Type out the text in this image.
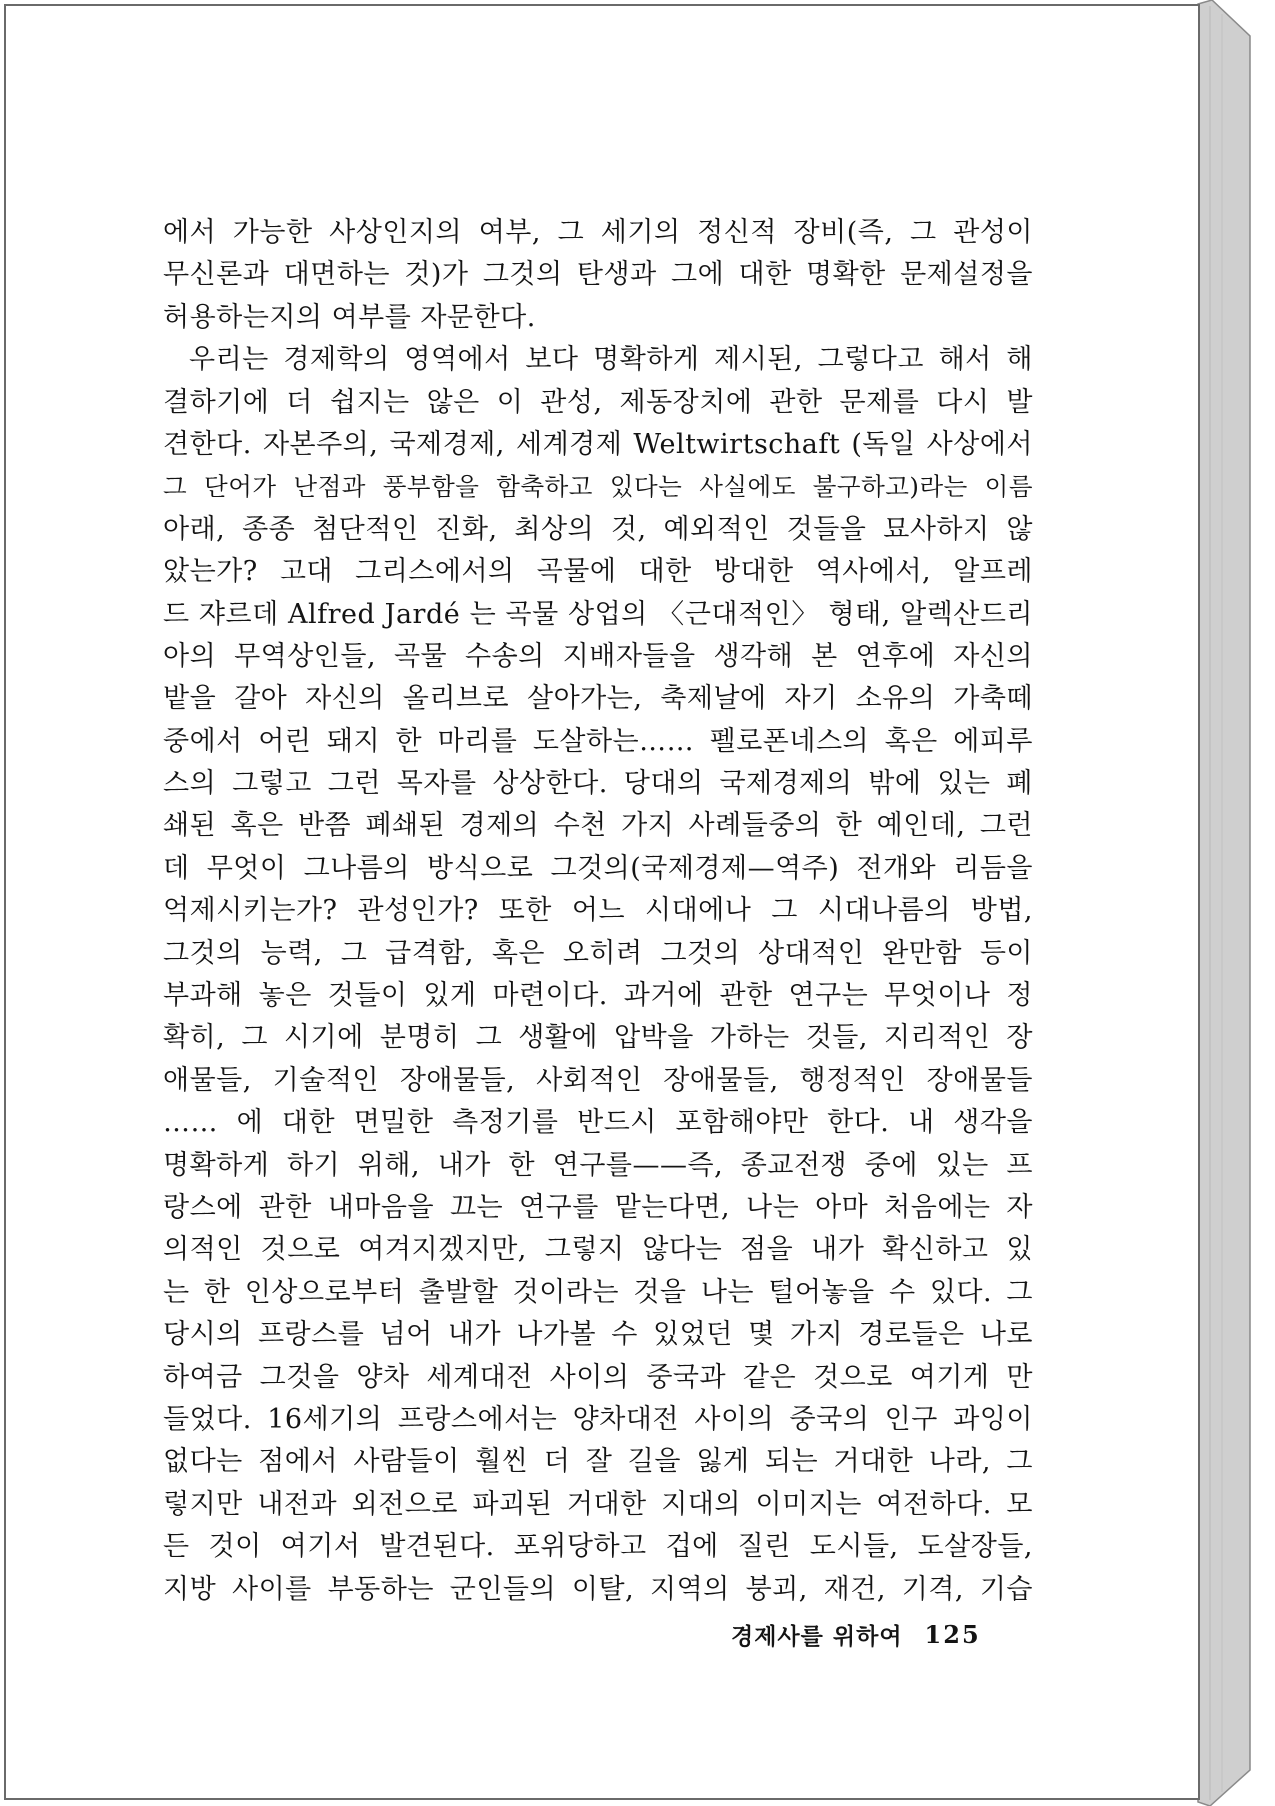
에서 가능한 사상인지의 여부, 그 세기의 정신적 장비(즉, 그 관성이
무신론과 대면하는 것)가 그것의 탄생과 그에 대한 명확한 문제설정을
허용하는지의 여부를 자문한다.
우리는 경제학의 영역에서 보다 명확하게 제시된, 그렇다고 해서 해
결하기에 더 쉽지는 않은 이 관성, 제동장치에 관한 문제를 다시 발
견한다. 자본주의, 국제경제, 세계경제 Weltwirtschaft (독일 사상에서
그 단어가 난점과 풍부함을 함축하고 있다는 사실에도 불구하고)라는 이름
아래, 종종 첨단적인 진화, 최상의 것, 예외적인 것들을 묘사하지 않
았는가? 고대 그리스에서의 곡물에 대한 방대한 역사에서, 알프레
드 쟈르데 Alfred Jardé 는 곡물 상업의 〈근대적인〉 형태, 알렉산드리
아의 무역상인들, 곡물 수송의 지배자들을 생각해 본 연후에 자신의
밭을 갈아 자신의 올리브로 살아가는, 축제날에 자기 소유의 가축떼
중에서 어린 돼지 한 마리를 도살하는…… 펠로폰네스의 혹은 에피루
스의 그렇고 그런 목자를 상상한다. 당대의 국제경제의 밖에 있는 폐
쇄된 혹은 반쯤 폐쇄된 경제의 수천 가지 사례들중의 한 예인데, 그런
데 무엇이 그나름의 방식으로 그것의(국제경제—역주) 전개와 리듬을
억제시키는가? 관성인가? 또한 어느 시대에나 그 시대나름의 방법,
그것의 능력, 그 급격함, 혹은 오히려 그것의 상대적인 완만함 등이
부과해 놓은 것들이 있게 마련이다. 과거에 관한 연구는 무엇이나 정
확히, 그 시기에 분명히 그 생활에 압박을 가하는 것들, 지리적인 장
애물들, 기술적인 장애물들, 사회적인 장애물들, 행정적인 장애물들
…… 에 대한 면밀한 측정기를 반드시 포함해야만 한다. 내 생각을
명확하게 하기 위해, 내가 한 연구를——즉, 종교전쟁 중에 있는 프
랑스에 관한 내마음을 끄는 연구를 맡는다면, 나는 아마 처음에는 자
의적인 것으로 여겨지겠지만, 그렇지 않다는 점을 내가 확신하고 있
는 한 인상으로부터 출발할 것이라는 것을 나는 털어놓을 수 있다. 그
당시의 프랑스를 넘어 내가 나가볼 수 있었던 몇 가지 경로들은 나로
하여금 그것을 양차 세계대전 사이의 중국과 같은 것으로 여기게 만
들었다. 16세기의 프랑스에서는 양차대전 사이의 중국의 인구 과잉이
없다는 점에서 사람들이 훨씬 더 잘 길을 잃게 되는 거대한 나라, 그
렇지만 내전과 외전으로 파괴된 거대한 지대의 이미지는 여전하다. 모
든 것이 여기서 발견된다. 포위당하고 겁에 질린 도시들, 도살장들,
지방 사이를 부동하는 군인들의 이탈, 지역의 붕괴, 재건, 기격, 기습
경제사를 위하여 125
